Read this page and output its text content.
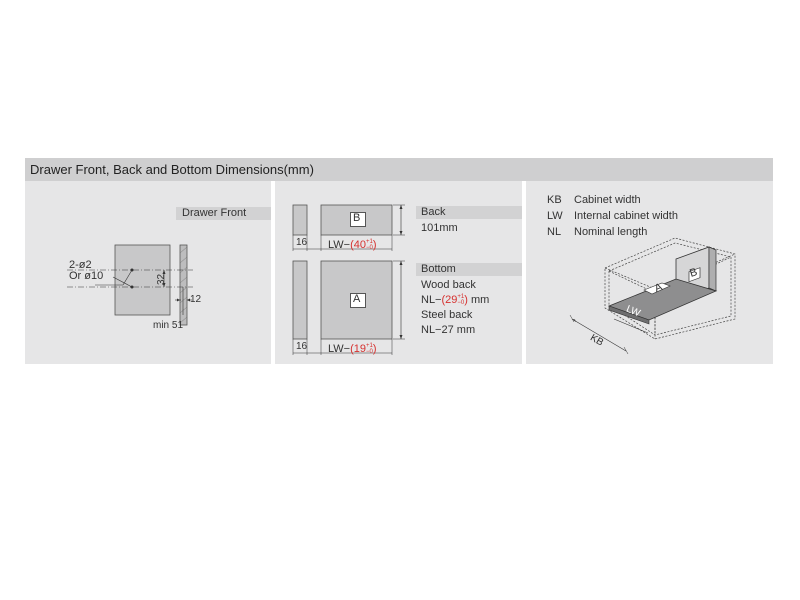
Drawer Front, Back and Bottom Dimensions(mm)
Drawer Front
2-ø2
Or ø10	32
12
min 51
B
16 LW−(40+1
−0)
A
16 LW−(19+1
−0)
Back
101mm
Bottom
Wood back
NL−(29+1
−0) mm
Steel back
NL−27 mm
KB Cabinet width
LW Internal cabinet width
NL Nominal length
B
A
LW
KB
